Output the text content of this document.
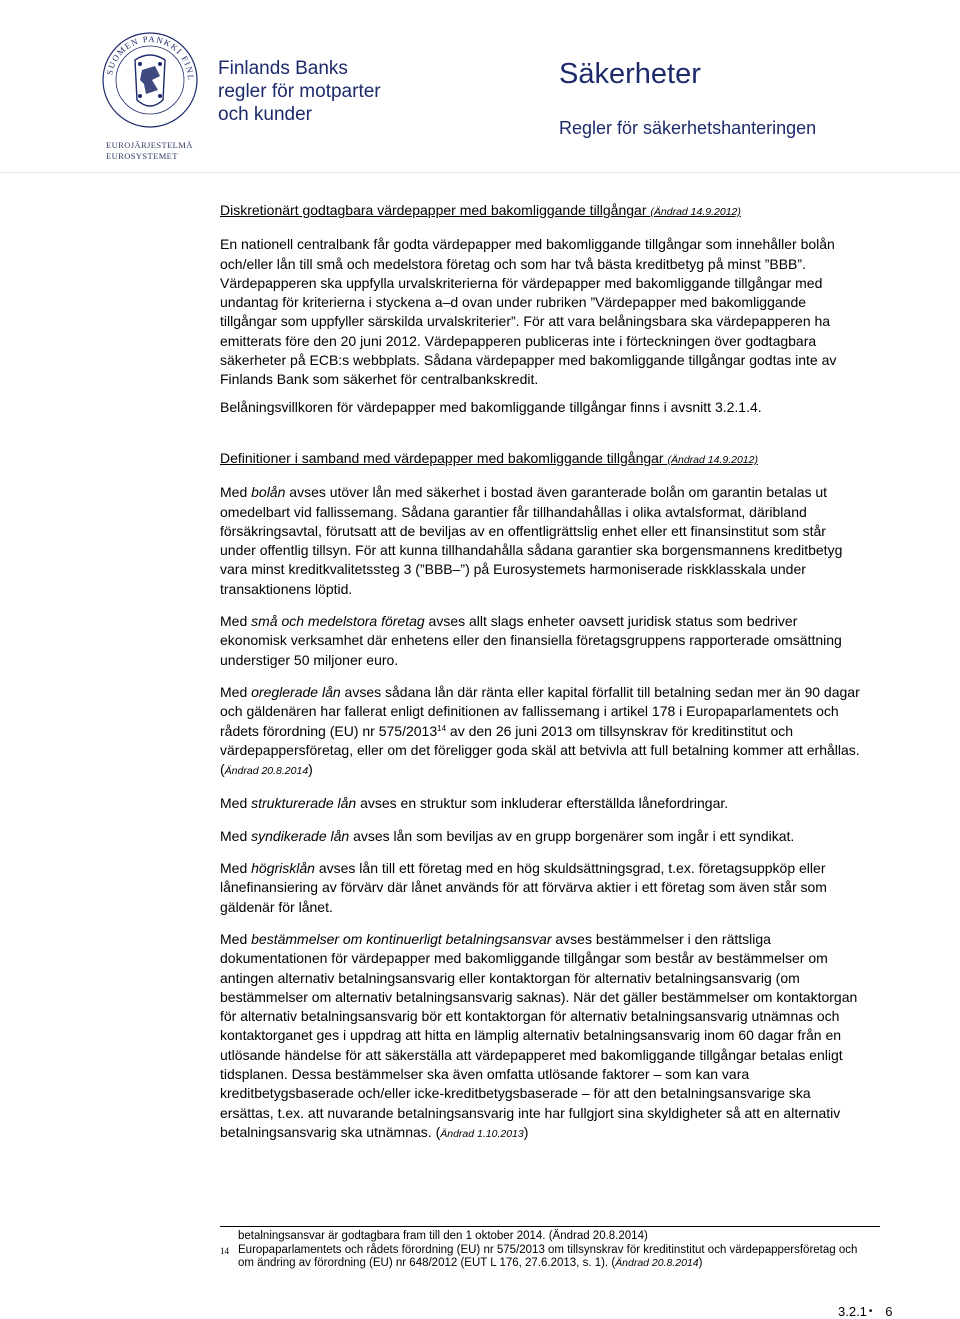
SUOMEN PANKKI FINL
EUROJÄRJESTELMÄ
EUROSYSTEMET
Finlands Banks
regler för motparter
och kunder
Säkerheter
Regler för säkerhetshanteringen

Diskretionärt godtagbara värdepapper med bakomliggande tillgångar (Ändrad 14.9.2012)

En nationell centralbank får godta värdepapper med bakomliggande tillgångar som innehåller bolån och/eller lån till små och medelstora företag och som har två bästa kreditbetyg på minst ”BBB”. Värdepapperen ska uppfylla urvalskriterierna för värdepapper med bakomliggande tillgångar med undantag för kriterierna i styckena a–d ovan under rubriken ”Värdepapper med bakomliggande tillgångar som uppfyller särskilda urvalskriterier”. För att vara belåningsbara ska värdepapperen ha emitterats före den 20 juni 2012. Värdepapperen publiceras inte i förteckningen över godtagbara säkerheter på ECB:s webbplats. Sådana värdepapper med bakomliggande tillgångar godtas inte av Finlands Bank som säkerhet för centralbankskredit.

Belåningsvillkoren för värdepapper med bakomliggande tillgångar finns i avsnitt 3.2.1.4.

Definitioner i samband med värdepapper med bakomliggande tillgångar (Ändrad 14.9.2012)

Med bolån avses utöver lån med säkerhet i bostad även garanterade bolån om garantin betalas ut omedelbart vid fallissemang. Sådana garantier får tillhandahållas i olika avtalsformat, däribland försäkringsavtal, förutsatt att de beviljas av en offentligrättslig enhet eller ett finansinstitut som står under offentlig tillsyn. För att kunna tillhandahålla sådana garantier ska borgensmannens kreditbetyg vara minst kreditkvalitetssteg 3 (”BBB–”) på Eurosystemets harmoniserade riskklasskala under transaktionens löptid.

Med små och medelstora företag avses allt slags enheter oavsett juridisk status som bedriver ekonomisk verksamhet där enhetens eller den finansiella företagsgruppens rapporterade omsättning understiger 50 miljoner euro.

Med oreglerade lån avses sådana lån där ränta eller kapital förfallit till betalning sedan mer än 90 dagar och gäldenären har fallerat enligt definitionen av fallissemang i artikel 178 i Europaparlamentets och rådets förordning (EU) nr 575/2013$^{14}$ av den 26 juni 2013 om tillsynskrav för kreditinstitut och värdepappersföretag, eller om det föreligger goda skäl att betvivla att full betalning kommer att erhållas.(Ändrad 20.8.2014)

Med strukturerade lån avses en struktur som inkluderar efterställda lånefordringar.

Med syndikerade lån avses lån som beviljas av en grupp borgenärer som ingår i ett syndikat.

Med högrisklån avses lån till ett företag med en hög skuldsättningsgrad, t.ex. företagsuppköp eller lånefinansiering av förvärv där lånet används för att förvärva aktier i ett företag som även står som gäldenär för lånet.

Med bestämmelser om kontinuerligt betalningsansvar avses bestämmelser i den rättsliga dokumentationen för värdepapper med bakomliggande tillgångar som består av bestämmelser om antingen alternativ betalningsansvarig eller kontaktorgan för alternativ betalningsansvarig (om bestämmelser om alternativ betalningsansvarig saknas). När det gäller bestämmelser om kontaktorgan för alternativ betalningsansvarig bör ett kontaktorgan för alternativ betalningsansvarig utnämnas och kontaktorganet ges i uppdrag att hitta en lämplig alternativ betalningsansvarig inom 60 dagar från en utlösande händelse för att säkerställa att värdepapperet med bakomliggande tillgångar betalas enligt tidsplanen. Dessa bestämmelser ska även omfatta utlösande faktorer – som kan vara kreditbetygsbaserade och/eller icke-kreditbetygsbaserade – för att den betalningsansvarige ska ersättas, t.ex. att nuvarande betalningsansvarig inte har fullgjort sina skyldigheter så att en alternativ betalningsansvarig ska utnämnas. (Ändrad 1.10.2013)

14
betalningsansvar är godtagbara fram till den 1 oktober 2014. (Ändrad 20.8.2014)
Europaparlamentets och rådets förordning (EU) nr 575/2013 om tillsynskrav för kreditinstitut och värdepappersföretag och om ändring av förordning (EU) nr 648/2012 (EUT L 176, 27.6.2013, s. 1). (Ändrad 20.8.2014)
3.2.1 • 6
